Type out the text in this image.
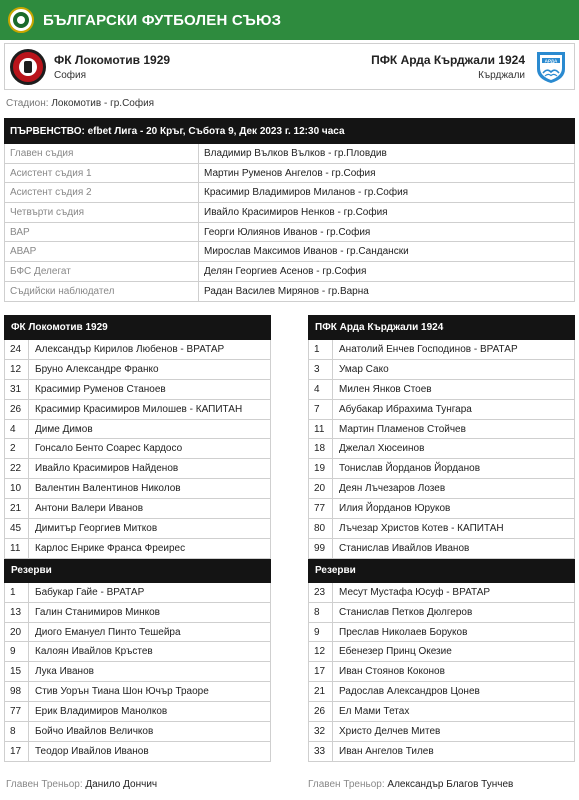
БЪЛГАРСКИ ФУТБОЛЕН СЪЮЗ
ФК Локомотив 1929
София
ПФК Арда Кърджали 1924
Кърджали
АРДА
Стадион: Локомотив - гр.София
ПЪРВЕНСТВО: efbet Лига - 20 Кръг, Събота 9, Дек 2023 г. 12:30 часа	
Главен съдия	Владимир Вълков Вълков - гр.Пловдив
Асистент съдия 1	Мартин Руменов Ангелов - гр.София
Асистент съдия 2	Красимир Владимиров Миланов - гр.София
Четвърти съдия	Ивайло Красимиров Ненков - гр.София
ВАР	Георги Юлиянов Иванов - гр.София
АВАР	Мирослав Максимов Иванов - гр.Сандански
БФС Делегат	Делян Георгиев Асенов - гр.София
Съдийски наблюдател	Радан Василев Мирянов - гр.Варна
ФК Локомотив 1929	
24	Александър Кирилов Любенов - ВРАТАР
12	Бруно Александре Франко
31	Красимир Руменов Станоев
26	Красимир Красимиров Милошев - КАПИТАН
4	Диме Димов
2	Гонсало Бенто Соарес Кардосо
22	Ивайло Красимиров Найденов
10	Валентин Валентинов Николов
21	Антони Валери Иванов
45	Димитър Георгиев Митков
11	Карлос Енрике Франса Фреирес
Резерви	
1	Бабукар Гайе - ВРАТАР
13	Галин Станимиров Минков
20	Диого Емануел Пинто Тешейра
9	Калоян Ивайлов Кръстев
15	Лука Иванов
98	Стив Уорън Тиана Шон Ючър Траоре
77	Ерик Владимиров Манолков
8	Бойчо Ивайлов Величков
17	Теодор Ивайлов Иванов
ПФК Арда Кърджали 1924	
1	Анатолий Енчев Господинов - ВРАТАР
3	Умар Сако
4	Милен Янков Стоев
7	Абубакар Ибрахима Тунгара
11	Мартин Пламенов Стойчев
18	Джелал Хюсеинов
19	Тонислав Йорданов Йорданов
20	Деян Лъчезаров Лозев
77	Илия Йорданов Юруков
80	Лъчезар Христов Котев - КАПИТАН
99	Станислав Ивайлов Иванов
Резерви	
23	Месут Мустафа Юсуф - ВРАТАР
8	Станислав Петков Дюлгеров
9	Преслав Николаев Боруков
12	Ебенезер Принц Окезие
17	Иван Стоянов Коконов
21	Радослав Александров Цонев
26	Ел Мами Тетах
32	Христо Делчев Митев
33	Иван Ангелов Тилев
Главен Треньор: Данило Дончич	Главен Треньор: Александър Благов Тунчев
